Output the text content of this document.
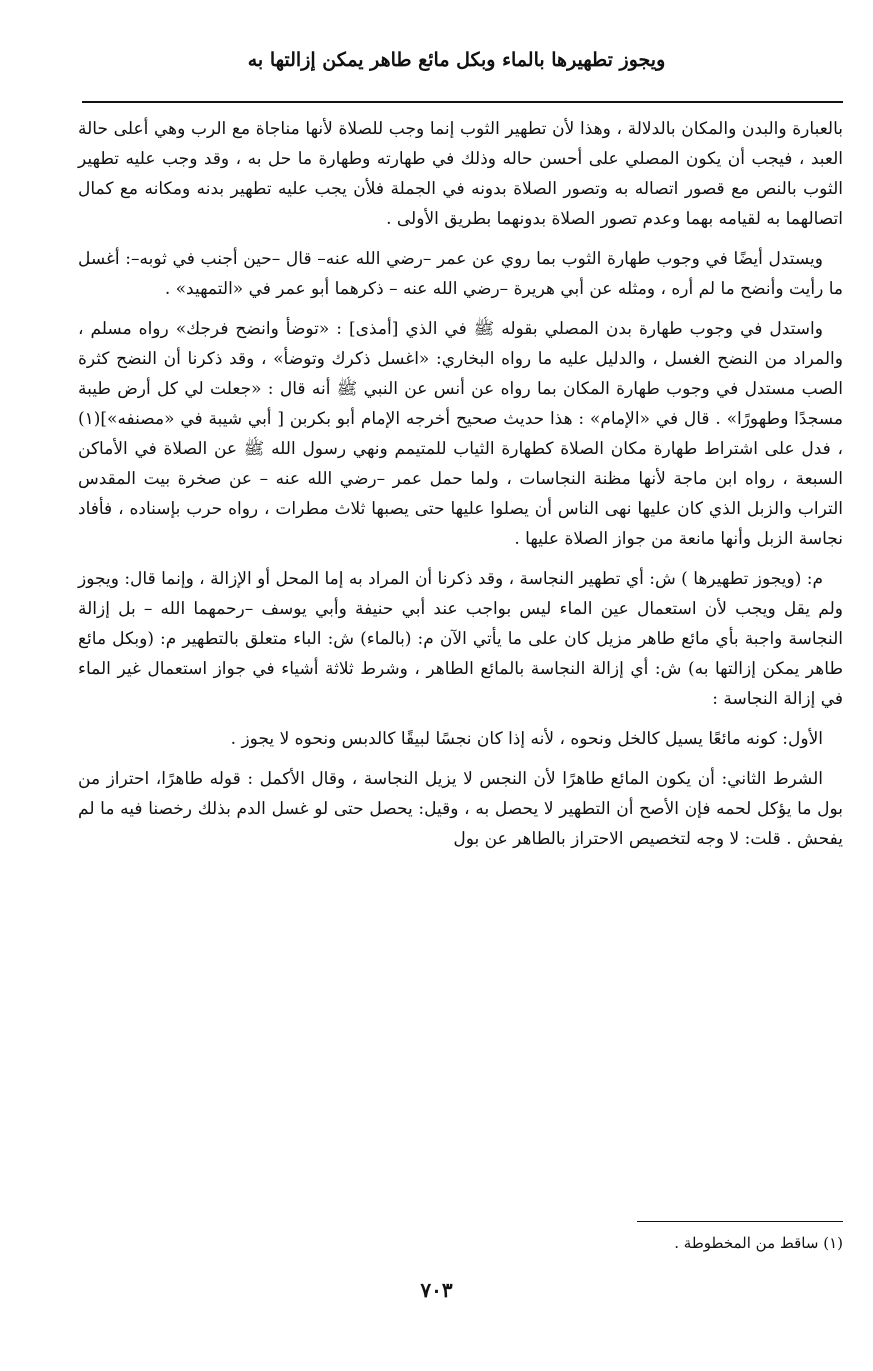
ويجوز تطهيرها بالماء وبكل مائع طاهر يمكن إزالتها به

بالعبارة والبدن والمكان بالدلالة ، وهذا لأن تطهير الثوب إنما وجب للصلاة لأنها مناجاة مع الرب وهي أعلى حالة العبد ، فيجب أن يكون المصلي على أحسن حاله وذلك في طهارته وطهارة ما حل به ، وقد وجب عليه تطهير الثوب بالنص مع قصور اتصاله به وتصور الصلاة بدونه في الجملة فلأن يجب عليه تطهير بدنه ومكانه مع كمال اتصالهما به لقيامه بهما وعدم تصور الصلاة بدونهما بطريق الأولى .

ويستدل أيضًا في وجوب طهارة الثوب بما روي عن عمر –رضي الله عنه– قال –حين أجنب في ثوبه–: أغسل ما رأيت وأنضح ما لم أره ، ومثله عن أبي هريرة –رضي الله عنه – ذكرهما أبو عمر في «التمهيد» .

واستدل في وجوب طهارة بدن المصلي بقوله ﷺ في الذي [أمذى] : «توضأ وانضح فرجك» رواه مسلم ، والمراد من النضح الغسل ، والدليل عليه ما رواه البخاري: «اغسل ذكرك وتوضأ» ، وقد ذكرنا أن النضح كثرة الصب مستدل في وجوب طهارة المكان بما رواه عن أنس عن النبي ﷺ أنه قال : «جعلت لي كل أرض طيبة مسجدًا وطهورًا» . قال في «الإمام» : هذا حديث صحيح أخرجه الإمام أبو بكربن [ أبي شيبة في «مصنفه»](١) ، فدل على اشتراط طهارة مكان الصلاة كطهارة الثياب للمتيمم ونهي رسول الله ﷺ عن الصلاة في الأماكن السبعة ، رواه ابن ماجة لأنها مظنة النجاسات ، ولما حمل عمر –رضي الله عنه – عن صخرة بيت المقدس التراب والزبل الذي كان عليها نهى الناس أن يصلوا عليها حتى يصبها ثلاث مطرات ، رواه حرب بإسناده ، فأفاد نجاسة الزبل وأنها مانعة من جواز الصلاة عليها .

م: (ويجوز تطهيرها ) ش: أي تطهير النجاسة ، وقد ذكرنا أن المراد به إما المحل أو الإزالة ، وإنما قال: ويجوز ولم يقل ويجب لأن استعمال عين الماء ليس بواجب عند أبي حنيفة وأبي يوسف –رحمهما الله – بل إزالة النجاسة واجبة بأي مائع طاهر مزيل كان على ما يأتي الآن م: (بالماء) ش: الباء متعلق بالتطهير م: (وبكل مائع طاهر يمكن إزالتها به) ش: أي إزالة النجاسة بالمائع الطاهر ، وشرط ثلاثة أشياء في جواز استعمال غير الماء في إزالة النجاسة :

الأول: كونه مائعًا يسيل كالخل ونحوه ، لأنه إذا كان نجسًا لبيقًا كالدبس ونحوه لا يجوز .

الشرط الثاني: أن يكون المائع طاهرًا لأن النجس لا يزيل النجاسة ، وقال الأكمل : قوله طاهرًا، احتراز من بول ما يؤكل لحمه فإن الأصح أن التطهير لا يحصل به ، وقيل: يحصل حتى لو غسل الدم بذلك رخصنا فيه ما لم يفحش . قلت: لا وجه لتخصيص الاحتراز بالطاهر عن بول

(١) ساقط من المخطوطة .
٧٠٣
